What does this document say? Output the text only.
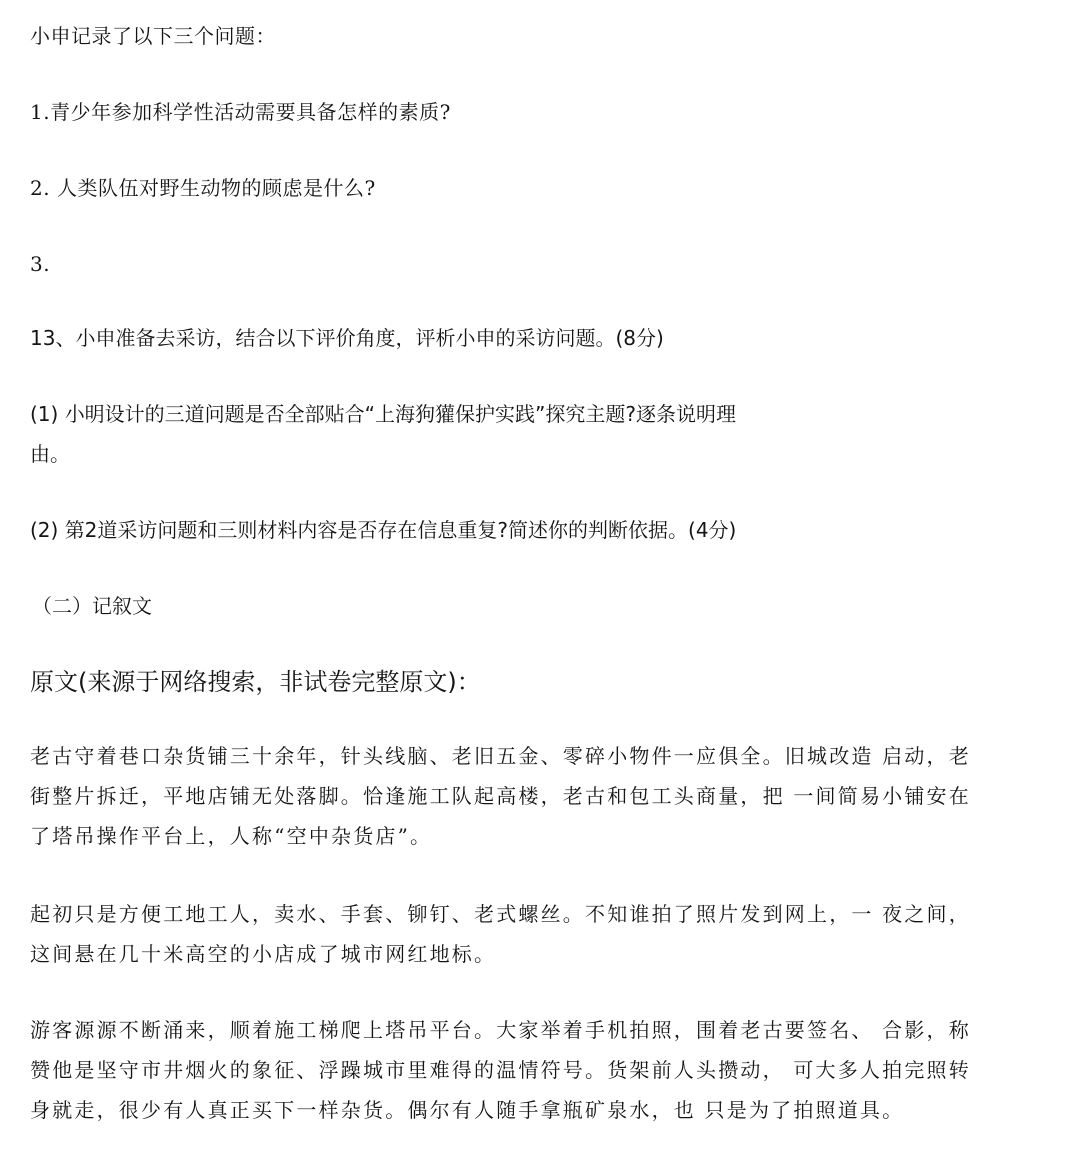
小申记录了以下三个问题：
1.青少年参加科学性活动需要具备怎样的素质?
2. 人类队伍对野生动物的顾虑是什么?
3.
13、小申准备去采访，结合以下评价角度，评析小申的采访问题。(8分)
(1) 小明设计的三道问题是否全部贴合“上海狗獾保护实践”探究主题?逐条说明理
由。
(2) 第2道采访问题和三则材料内容是否存在信息重复?简述你的判断依据。(4分)
（二）记叙文
原文(来源于网络搜索，非试卷完整原文)：
老古守着巷口杂货铺三十余年，针头线脑、老旧五金、零碎小物件一应俱全。旧城改造 启动，老
街整片拆迁，平地店铺无处落脚。恰逢施工队起高楼，老古和包工头商量，把 一间简易小铺安在
了塔吊操作平台上，人称“空中杂货店”。
起初只是方便工地工人，卖水、手套、铆钉、老式螺丝。不知谁拍了照片发到网上，一 夜之间，
这间悬在几十米高空的小店成了城市网红地标。
游客源源不断涌来，顺着施工梯爬上塔吊平台。大家举着手机拍照，围着老古要签名、 合影，称
赞他是坚守市井烟火的象征、浮躁城市里难得的温情符号。货架前人头攒动， 可大多人拍完照转
身就走，很少有人真正买下一样杂货。偶尔有人随手拿瓶矿泉水，也 只是为了拍照道具。
